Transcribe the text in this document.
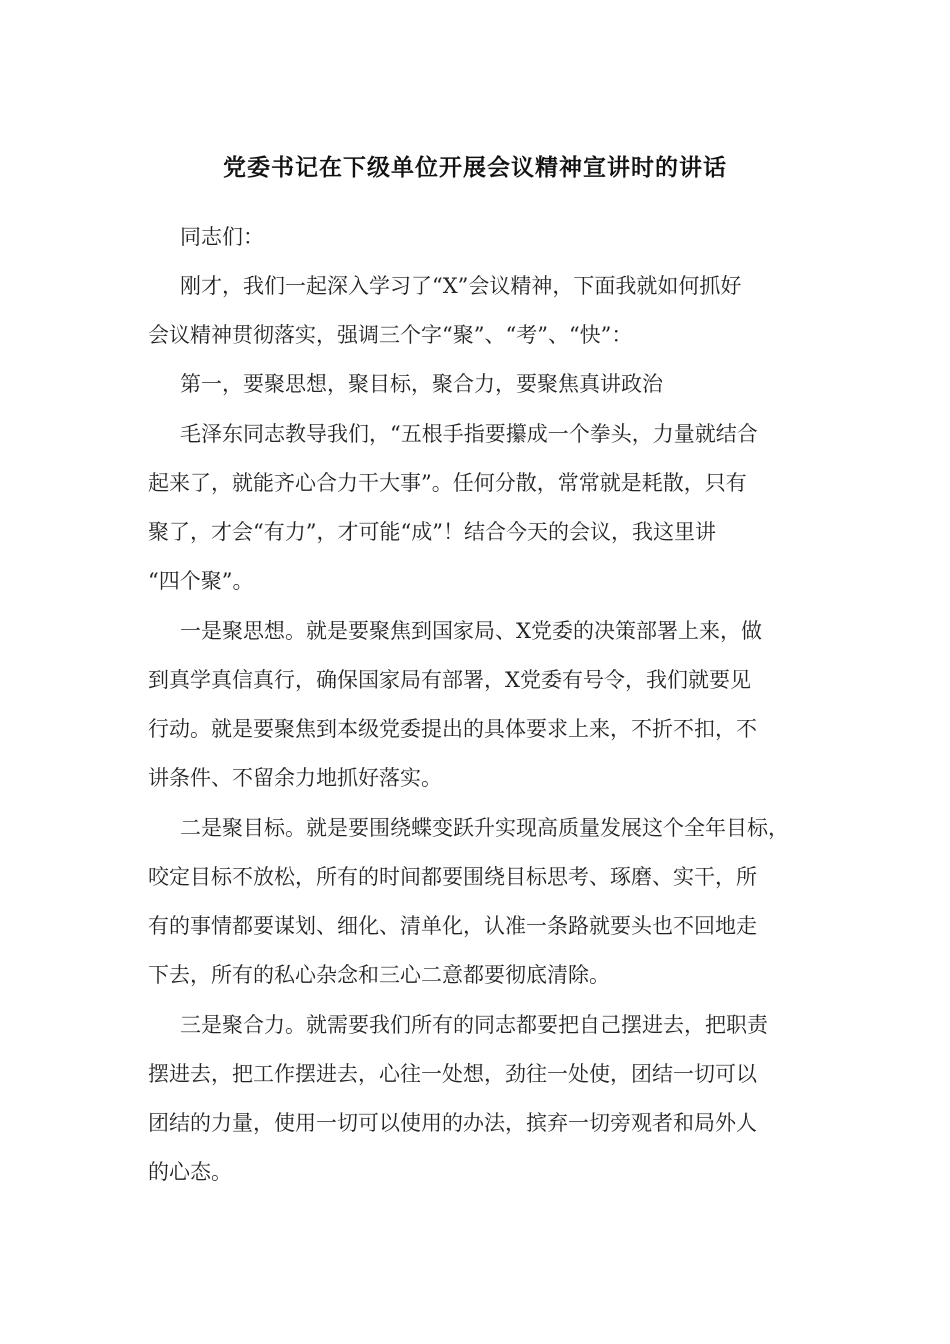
党委书记在下级单位开展会议精神宣讲时的讲话
同志们：
刚才，我们一起深入学习了“X”会议精神，下面我就如何抓好
会议精神贯彻落实，强调三个字“聚”、“考”、“快”：
第一，要聚思想，聚目标，聚合力，要聚焦真讲政治
毛泽东同志教导我们，“五根手指要攥成一个拳头，力量就结合
起来了，就能齐心合力干大事”。任何分散，常常就是耗散，只有
聚了，才会“有力”，才可能“成”！结合今天的会议，我这里讲
“四个聚”。
一是聚思想。就是要聚焦到国家局、X党委的决策部署上来，做
到真学真信真行，确保国家局有部署，X党委有号令，我们就要见
行动。就是要聚焦到本级党委提出的具体要求上来，不折不扣，不
讲条件、不留余力地抓好落实。
二是聚目标。就是要围绕蝶变跃升实现高质量发展这个全年目标，
咬定目标不放松，所有的时间都要围绕目标思考、琢磨、实干，所
有的事情都要谋划、细化、清单化，认准一条路就要头也不回地走
下去，所有的私心杂念和三心二意都要彻底清除。
三是聚合力。就需要我们所有的同志都要把自己摆进去，把职责
摆进去，把工作摆进去，心往一处想，劲往一处使，团结一切可以
团结的力量，使用一切可以使用的办法，摈弃一切旁观者和局外人
的心态。
